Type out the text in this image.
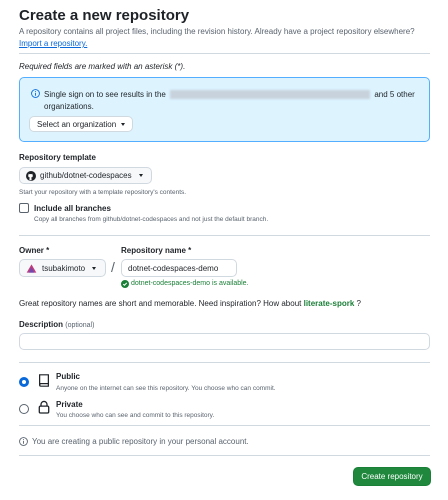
Create a new repository
A repository contains all project files, including the revision history. Already have a project repository elsewhere?
Import a repository.
Required fields are marked with an asterisk (*).
Single sign on to see results in the	and 5 other
organizations.
Select an organization
Repository template
github/dotnet-codespaces
Start your repository with a template repository's contents.
Include all branches
Copy all branches from github/dotnet-codespaces and not just the default branch.
Owner *
tsubakimoto /
Repository name *
dotnet-codespaces-demo
dotnet-codespaces-demo is available.
Great repository names are short and memorable. Need inspiration? How about literate-spork ?
Description (optional)
Public
Anyone on the internet can see this repository. You choose who can commit.
Private
You choose who can see and commit to this repository.
You are creating a public repository in your personal account.
Create repository
